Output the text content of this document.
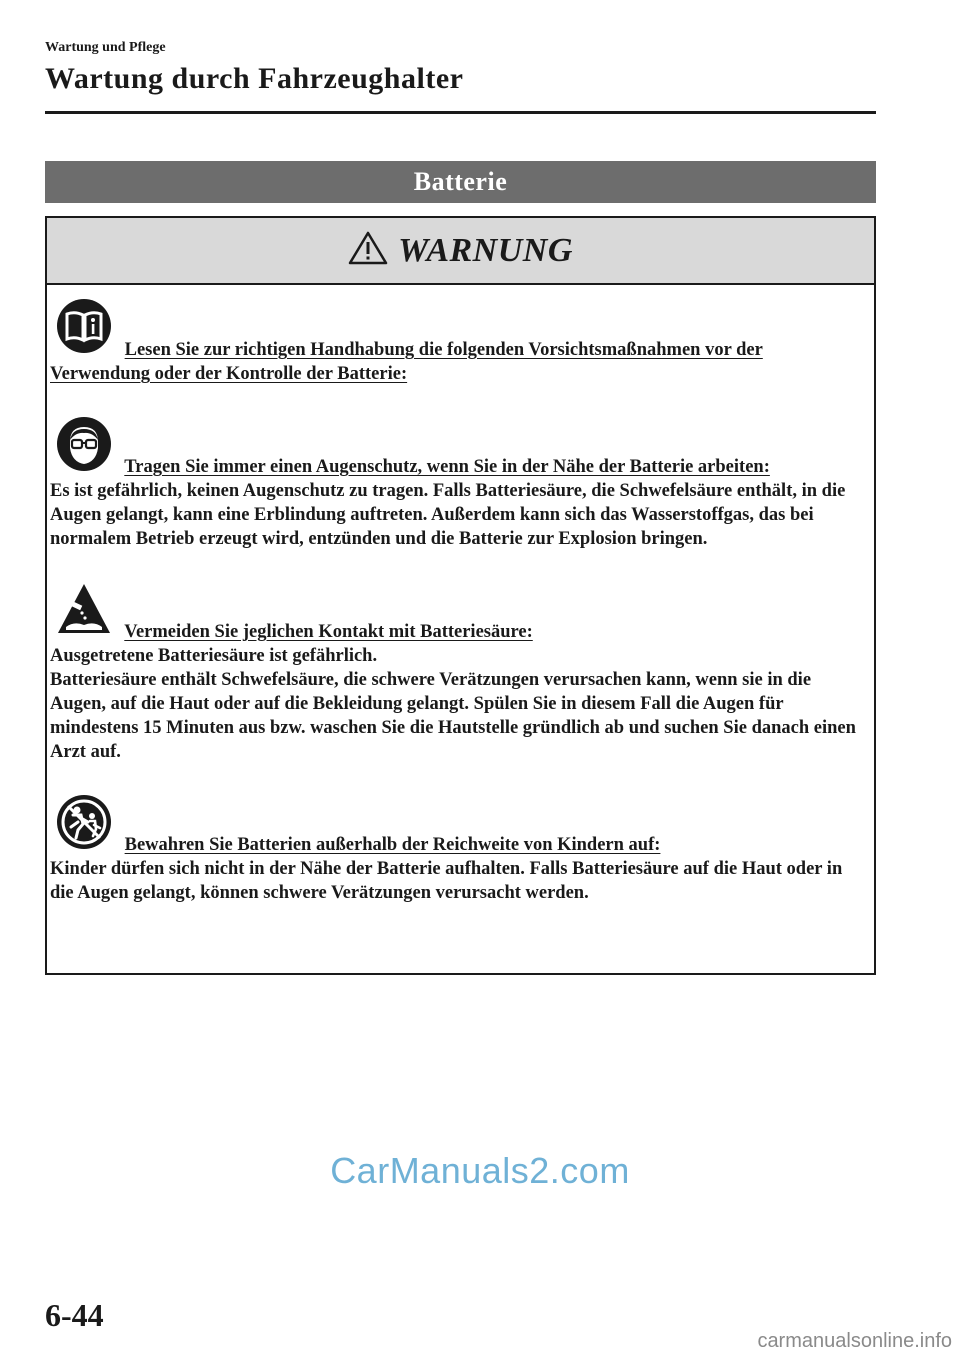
Wartung und Pflege
Wartung durch Fahrzeughalter
Batterie
WARNUNG
Lesen Sie zur richtigen Handhabung die folgenden Vorsichtsmaßnahmen vor der Verwendung oder der Kontrolle der Batterie:
Tragen Sie immer einen Augenschutz, wenn Sie in der Nähe der Batterie arbeiten:
Es ist gefährlich, keinen Augenschutz zu tragen. Falls Batteriesäure, die Schwefelsäure enthält, in die Augen gelangt, kann eine Erblindung auftreten. Außerdem kann sich das Wasserstoffgas, das bei normalem Betrieb erzeugt wird, entzünden und die Batterie zur Explosion bringen.
Vermeiden Sie jeglichen Kontakt mit Batteriesäure:
Ausgetretene Batteriesäure ist gefährlich.
Batteriesäure enthält Schwefelsäure, die schwere Verätzungen verursachen kann, wenn sie in die Augen, auf die Haut oder auf die Bekleidung gelangt. Spülen Sie in diesem Fall die Augen für mindestens 15 Minuten aus bzw. waschen Sie die Hautstelle gründlich ab und suchen Sie danach einen Arzt auf.
Bewahren Sie Batterien außerhalb der Reichweite von Kindern auf:
Kinder dürfen sich nicht in der Nähe der Batterie aufhalten. Falls Batteriesäure auf die Haut oder in die Augen gelangt, können schwere Verätzungen verursacht werden.
CarManuals2.com
6-44
carmanualsonline.info
